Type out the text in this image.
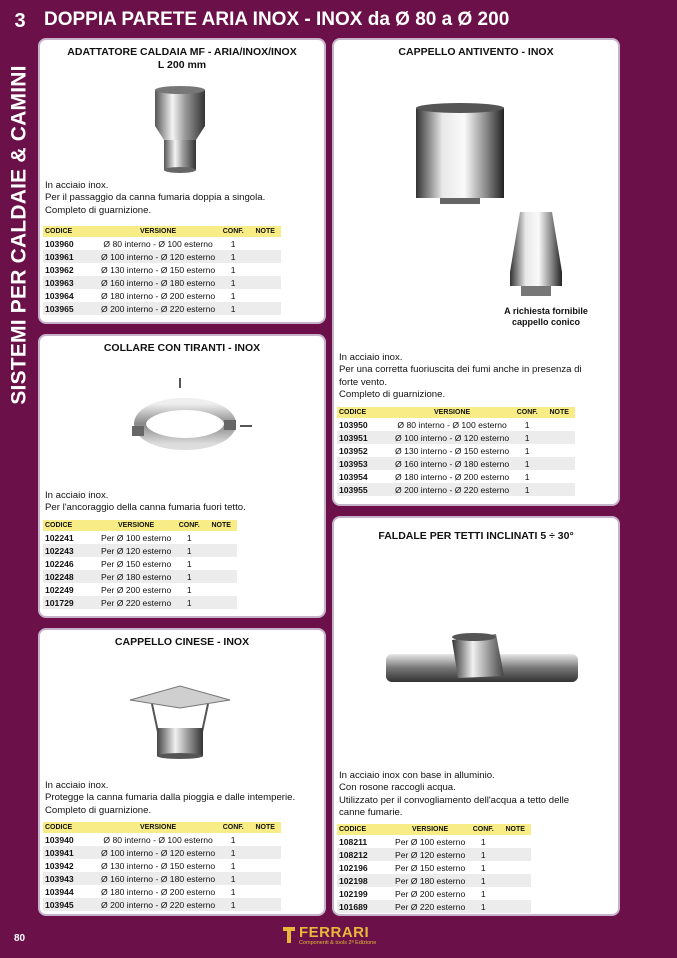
3
SISTEMI PER CALDAIE & CAMINI
DOPPIA PARETE ARIA INOX - INOX da Ø 80 a Ø 200
ADATTATORE CALDAIA MF - ARIA/INOX/INOX
L 200 mm
In acciaio inox.
Per il passaggio da canna fumaria doppia a singola.
Completo di guarnizione.
CODICE	VERSIONE	CONF.	NOTE
103960	Ø 80 interno - Ø 100 esterno	1	
103961	Ø 100 interno - Ø 120 esterno	1	
103962	Ø 130 interno - Ø 150 esterno	1	
103963	Ø 160 interno - Ø 180 esterno	1	
103964	Ø 180 interno - Ø 200 esterno	1	
103965	Ø 200 interno - Ø 220 esterno	1	
COLLARE CON TIRANTI - INOX
In acciaio inox.
Per l'ancoraggio della canna fumaria fuori tetto.
CODICE	VERSIONE	CONF.	NOTE
102241	Per Ø 100 esterno	1	
102243	Per Ø 120 esterno	1	
102246	Per Ø 150 esterno	1	
102248	Per Ø 180 esterno	1	
102249	Per Ø 200 esterno	1	
101729	Per Ø 220 esterno	1	
CAPPELLO CINESE - INOX
In acciaio inox.
Protegge la canna fumaria dalla pioggia e dalle intemperie.
Completo di guarnizione.
CODICE	VERSIONE	CONF.	NOTE
103940	Ø 80 interno - Ø 100 esterno	1	
103941	Ø 100 interno - Ø 120 esterno	1	
103942	Ø 130 interno - Ø 150 esterno	1	
103943	Ø 160 interno - Ø 180 esterno	1	
103944	Ø 180 interno - Ø 200 esterno	1	
103945	Ø 200 interno - Ø 220 esterno	1	
CAPPELLO ANTIVENTO - INOX
A richiesta fornibile
cappello conico
In acciaio inox.
Per una corretta fuoriuscita dei fumi anche in presenza di
forte vento.
Completo di guarnizione.
CODICE	VERSIONE	CONF.	NOTE
103950	Ø 80 interno - Ø 100 esterno	1	
103951	Ø 100 interno - Ø 120 esterno	1	
103952	Ø 130 interno - Ø 150 esterno	1	
103953	Ø 160 interno - Ø 180 esterno	1	
103954	Ø 180 interno - Ø 200 esterno	1	
103955	Ø 200 interno - Ø 220 esterno	1	
FALDALE PER TETTI INCLINATI 5 ÷ 30°
In acciaio inox con base in alluminio.
Con rosone raccogli acqua.
Utilizzato per il convogliamento dell'acqua a tetto delle
canne fumarie.
CODICE	VERSIONE	CONF.	NOTE
108211	Per Ø 100 esterno	1	
108212	Per Ø 120 esterno	1	
102196	Per Ø 150 esterno	1	
102198	Per Ø 180 esterno	1	
102199	Per Ø 200 esterno	1	
101689	Per Ø 220 esterno	1	
80	FERRARI
Componenti & tools 2ª Edizione
